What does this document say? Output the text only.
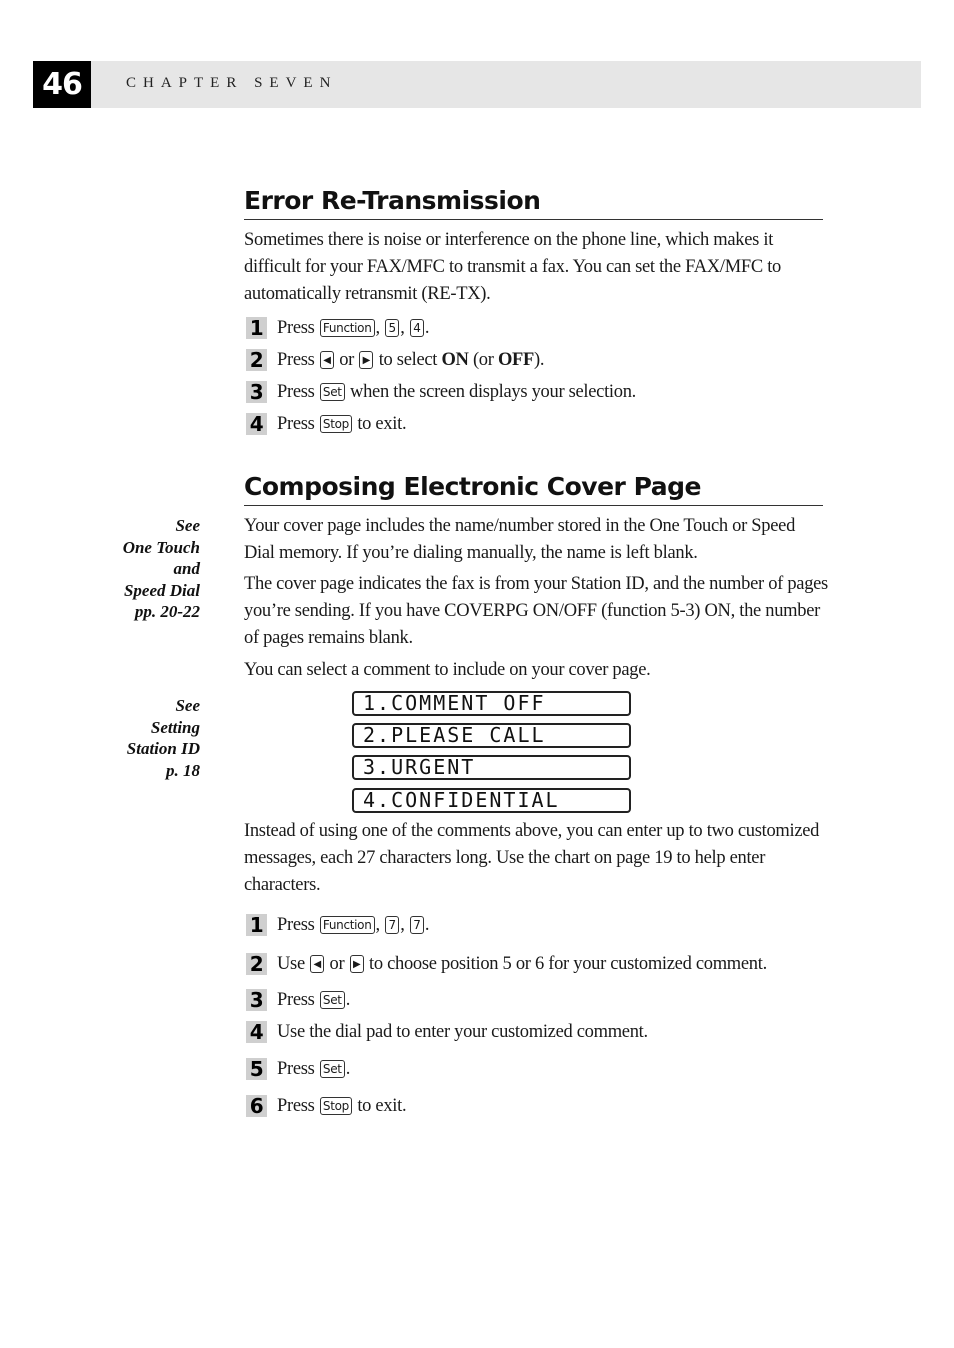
46	CHAPTER SEVEN
Error Re-Transmission

Sometimes there is noise or interference on the phone line, which makes it difficult for your FAX/MFC to transmit a fax. You can set the FAX/MFC to automatically retransmit (RE-TX).

1 Press
Function , 5 , 4 .
2 Press
◀
or
▶
to select
ON
(or
OFF ).
3 Press
Set
when the screen displays your selection.
4 Press
Stop
to exit.
Composing Electronic Cover Page

Your cover page includes the name/number stored in the One Touch or Speed Dial memory. If you’re dialing manually, the name is left blank.

The cover page indicates the fax is from your Station ID, and the number of pages you’re sending. If you have COVERPG ON/OFF (function 5-3) ON, the number of pages remains blank.

You can select a comment to include on your cover page.

1.COMMENT OFF
2.PLEASE CALL
3.URGENT
4.CONFIDENTIAL

Instead of using one of the comments above, you can enter up to two customized messages, each 27 characters long. Use the chart on page 19 to help enter characters.

1 Press
Function , 7 , 7 .
2 Use
◀
or
▶
to choose position 5 or 6 for your customized comment.
3 Press
Set .
4 Use the dial pad to enter your customized comment.
5 Press
Set .
6 Press
Stop
to exit.
See
One Touch
and
Speed Dial
pp. 20-22
See
Setting
Station ID
p. 18
